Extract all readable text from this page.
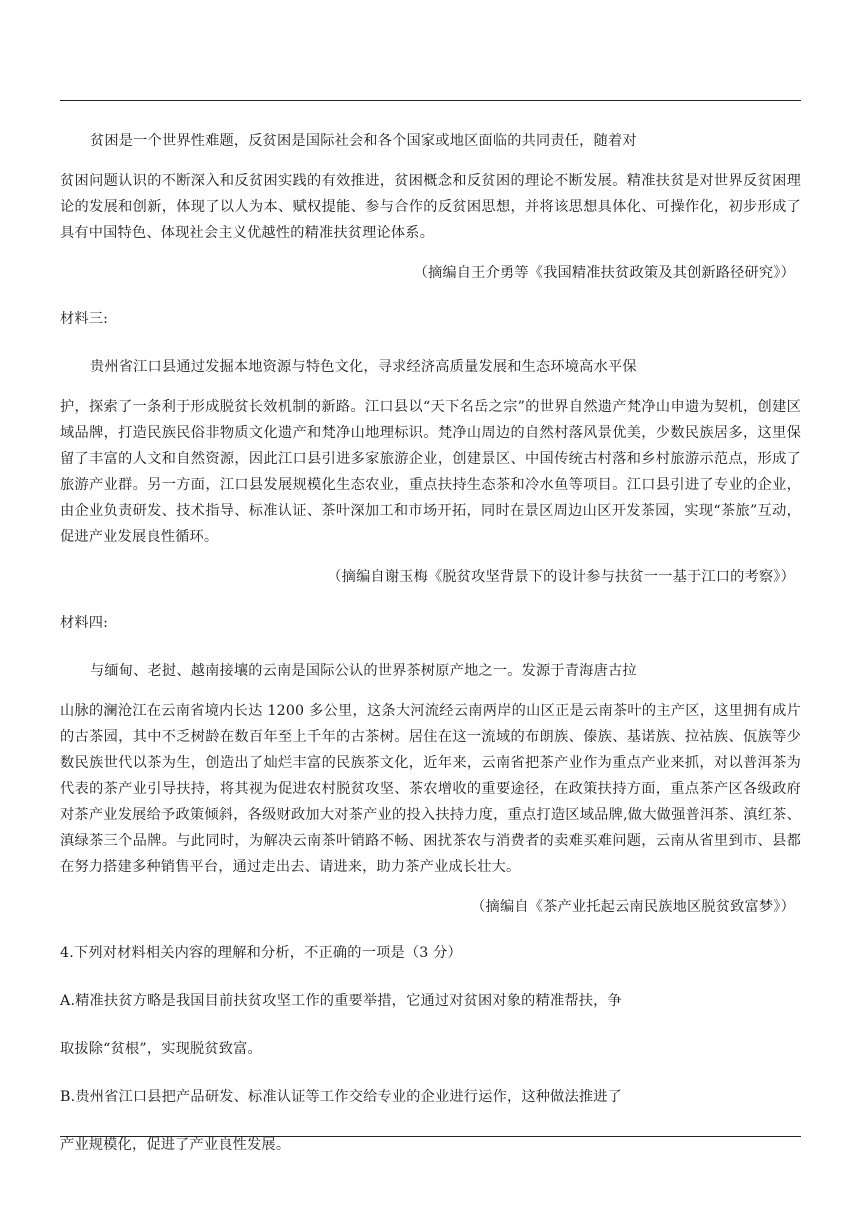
贫困是一个世界性难题，反贫困是国际社会和各个国家或地区面临的共同责任，随着对

贫困问题认识的不断深入和反贫困实践的有效推进，贫困概念和反贫困的理论不断发展。精准扶贫是对世界反贫困理论的发展和创新，体现了以人为本、赋权提能、参与合作的反贫困思想，并将该思想具体化、可操作化，初步形成了具有中国特色、体现社会主义优越性的精准扶贫理论体系。

（摘编自王介勇等《我国精准扶贫政策及其创新路径研究》）

材料三:

贵州省江口县通过发掘本地资源与特色文化，寻求经济高质量发展和生态环境高水平保

护，探索了一条利于形成脱贫长效机制的新路。江口县以“天下名岳之宗”的世界自然遗产梵净山申遗为契机，创建区域品牌，打造民族民俗非物质文化遗产和梵净山地理标识。梵净山周边的自然村落风景优美，少数民族居多，这里保留了丰富的人文和自然资源，因此江口县引进多家旅游企业，创建景区、中国传统古村落和乡村旅游示范点，形成了旅游产业群。另一方面，江口县发展规模化生态农业，重点扶持生态茶和冷水鱼等项目。江口县引进了专业的企业，由企业负责研发、技术指导、标准认证、茶叶深加工和市场开拓，同时在景区周边山区开发茶园，实现“茶旅”互动，促进产业发展良性循环。

（摘编自谢玉梅《脱贫攻坚背景下的设计参与扶贫一一基于江口的考察》）

材料四:

与缅甸、老挝、越南接壤的云南是国际公认的世界茶树原产地之一。发源于青海唐古拉

山脉的澜沧江在云南省境内长达 1200 多公里，这条大河流经云南两岸的山区正是云南茶叶的主产区，这里拥有成片的古茶园，其中不乏树龄在数百年至上千年的古茶树。居住在这一流域的布朗族、傣族、基诺族、拉祜族、佤族等少数民族世代以茶为生，创造出了灿烂丰富的民族茶文化，近年来，云南省把茶产业作为重点产业来抓，对以普洱茶为代表的茶产业引导扶持，将其视为促进农村脱贫攻坚、茶农增收的重要途径，在政策扶持方面，重点茶产区各级政府对茶产业发展给予政策倾斜，各级财政加大对茶产业的投入扶持力度，重点打造区域品牌,做大做强普洱茶、滇红茶、滇绿茶三个品牌。与此同时，为解决云南茶叶销路不畅、困扰茶农与消费者的卖难买难问题，云南从省里到市、县都在努力搭建多种销售平台，通过走出去、请进来，助力茶产业成长壮大。

（摘编自《茶产业托起云南民族地区脱贫致富梦》）

4.下列对材料相关内容的理解和分析，不正确的一项是（3 分）

A.精准扶贫方略是我国目前扶贫攻坚工作的重要举措，它通过对贫困对象的精准帮扶，争

取拔除“贫根”，实现脱贫致富。

B.贵州省江口县把产品研发、标准认证等工作交给专业的企业进行运作，这种做法推进了

产业规模化，促进了产业良性发展。
